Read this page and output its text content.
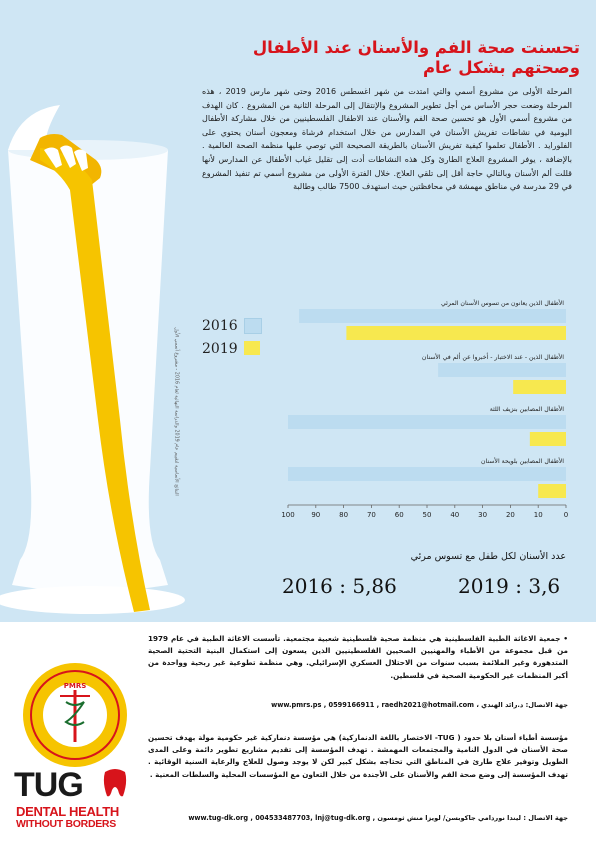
تحسنت صحة الفم والأسنان عند الأطفال
وصحتهم بشكل عام
المرحلة الأولى من مشروع أسمي والتي امتدت من شهر اغسطس 2016 وحتى شهر مارس 2019 ، هذه المرحلة وضعت حجر الأساس من أجل تطوير المشروع والإنتقال إلى المرحلة الثانية من المشروع . كان الهدف من مشروع أسمي الأول هو تحسين صحة الفم والأسنان عند الاطفال الفلسطينيين من خلال مشاركة الأطفال اليومية في نشاطات تفريش الأسنان في المدارس من خلال استخدام فرشاة ومعجون أسنان يحتوي على الفلورايد . الأطفال تعلموا كيفية تفريش الأسنان بالطريقة الصحيحة التي توصي عليها منظمة الصحة العالمية . بالإضافة ، يوفر المشروع العلاج الطارئ وكل هذه النشاطات أدت إلى تقليل غياب الأطفال عن المدارس لأنها قللت ألم الأسنان وبالتالي حاجة أقل إلى تلقي العلاج. خلال الفترة الأولى من مشروع أسمي تم تنفيذ المشروع في 29 مدرسة في مناطق مهمشة في محافظتين حيث استهدف 7500 طالب وطالبة
النتائج الأساسية لتقييم عام 2019 والدراسة النهائية لعام 2016 - مشروع أسمي الأول
2016
2019
الأطفال الذين يعانون من تسوس الأسنان المرئي
الأطفال الذين - عند الاختبار - أخبروا عن ألم في الأسنان
الأطفال المصابين بنزيف اللثة
الأطفال المصابين بلويحة الأسنان
100 90	80	70	60	50	40	30	20	10	0
عدد الأسنان لكل طفل مع تسوس مرئي
2016 : 5,86	2019 : 3,6
• جمعية الاغاثة الطبية الفلسطينية هي منظمة صحية فلسطينية شعبية مجتمعية. تأسست الاغاثة الطبية في عام 1979 من قبل مجموعة من الأطباء والمهنيين الصحيين الفلسطينيين الذين يسعون إلى استكمال البنية التحتية الصحية المتدهورة وغير الملائمة بسبب سنوات من الاحتلال العسكري الإسرائيلي. وهي منظمة تطوعية غير ربحية وواحدة من أكبر المنظمات غير الحكومية الصحية في فلسطين.
جهة الاتصال: د.رائد الهندي ، www.pmrs.ps , 0599166911 , raedh2021@hotmail.com
مؤسسة أطباء أسنان بلا حدود ( TUG- الاختصار باللغة الدنماركية) هي مؤسسة دنماركية غير حكومية مولة بهدف تحسين صحة الأسنان في الدول النامية والمجتمعات المهمشة . تهدف المؤسسة إلى تقديم مشاريع تطوير دائمة وعلى المدى الطويل وتوفير علاج طارئ في المناطق التي تحتاجه بشكل كبير لكن لا يوجد وصول للعلاج والرعاية السنية الوقائية . تهدف المؤسسة إلى وضع صحة الفم والأسنان على الأجندة من خلال التعاون مع المؤسسات المحلية والسلطات المعنية .
جهة الاتصال : ليندا نوردامي جاكوبسن/ لويزا منش ثومسون , www.tug-dk.org , 004533487703, lnj@tug-dk.org
PMRS
TUG
DENTAL HEALTH
WITHOUT BORDERS
